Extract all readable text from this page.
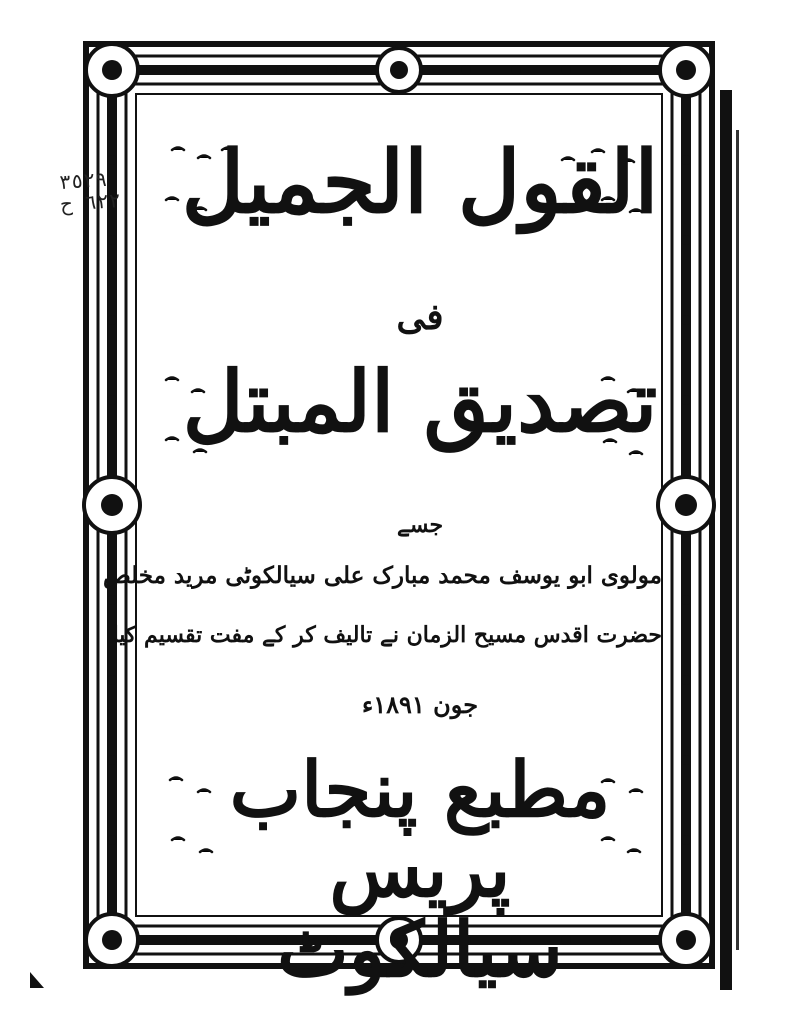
القول الجمیل
فی
تصدیق المبتل
جسے
مولوی ابو یوسف محمد مبارک علی سیالکوٹی مرید مخلص
حضرت اقدس مسیح الزمان نے تالیف کر کے مفت تقسیم کیا
جون ۱۸۹۱ء
مطبع پنجاب پریس سیالکوٹ
٣٥٢٩
٦٢٢ ح
